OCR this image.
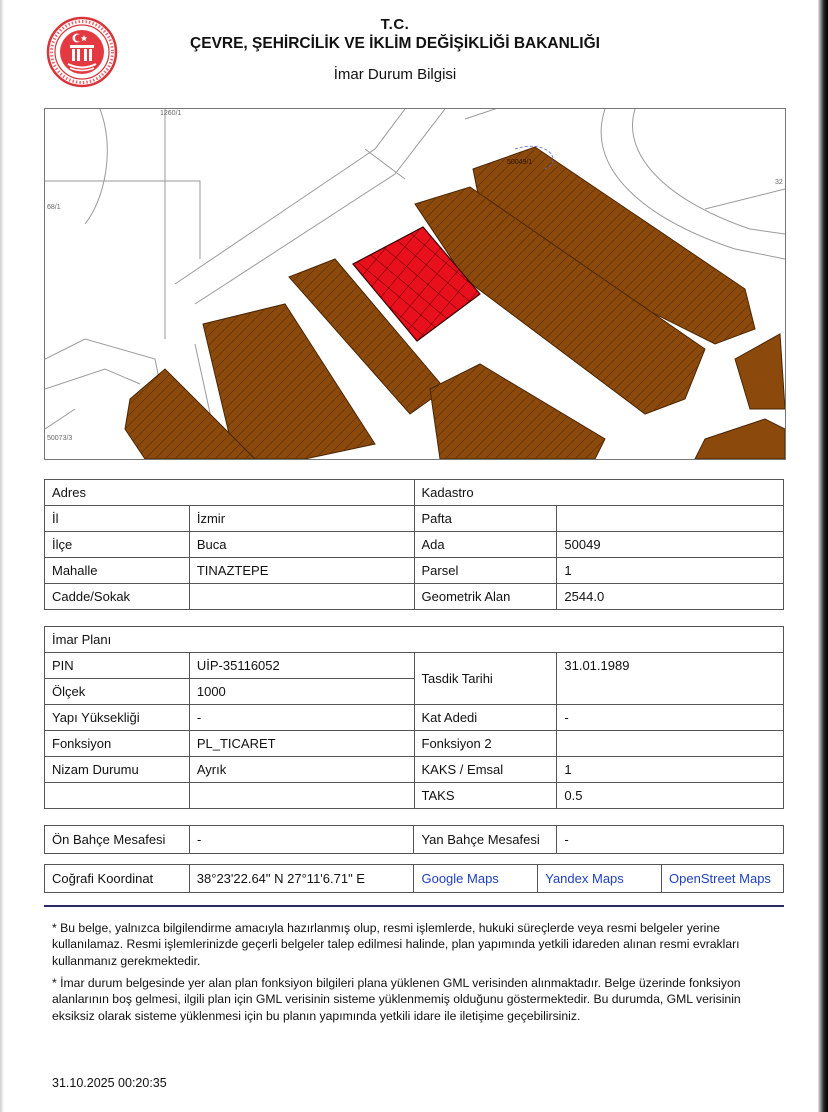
T.C.
ÇEVRE, ŞEHİRCİLİK VE İKLİM DEĞİŞİKLİĞİ BAKANLIĞI
İmar Durum Bilgisi
1260/1
68/1
32
50049/1
50073/3
Adres		Kadastro	
İl	İzmir	Pafta	
İlçe	Buca	Ada	50049
Mahalle	TINAZTEPE	Parsel	1
Cadde/Sokak		Geometrik Alan	2544.0
İmar Planı			
PIN	UİP-35116052	Tasdik Tarihi	31.01.1989
Ölçek	1000		
Yapı Yüksekliği	-	Kat Adedi	-
Fonksiyon	PL_TICARET	Fonksiyon 2	
Nizam Durumu	Ayrık	KAKS / Emsal	1
		TAKS	0.5
Ön Bahçe Mesafesi	-	Yan Bahçe Mesafesi	-
Coğrafi Koordinat	38°23'22.64" N 27°11'6.71" E	Google Maps	Yandex Maps	OpenStreet Maps

* Bu belge, yalnızca bilgilendirme amacıyla hazırlanmış olup, resmi işlemlerde, hukuki süreçlerde veya resmi belgeler yerine kullanılamaz. Resmi işlemlerinizde geçerli belgeler talep edilmesi halinde, plan yapımında yetkili idareden alınan resmi evrakları kullanmanız gerekmektedir.

* İmar durum belgesinde yer alan plan fonksiyon bilgileri plana yüklenen GML verisinden alınmaktadır. Belge üzerinde fonksiyon alanlarının boş gelmesi, ilgili plan için GML verisinin sisteme yüklenmemiş olduğunu göstermektedir. Bu durumda, GML verisinin eksiksiz olarak sisteme yüklenmesi için bu planın yapımında yetkili idare ile iletişime geçebilirsiniz.

31.10.2025 00:20:35
